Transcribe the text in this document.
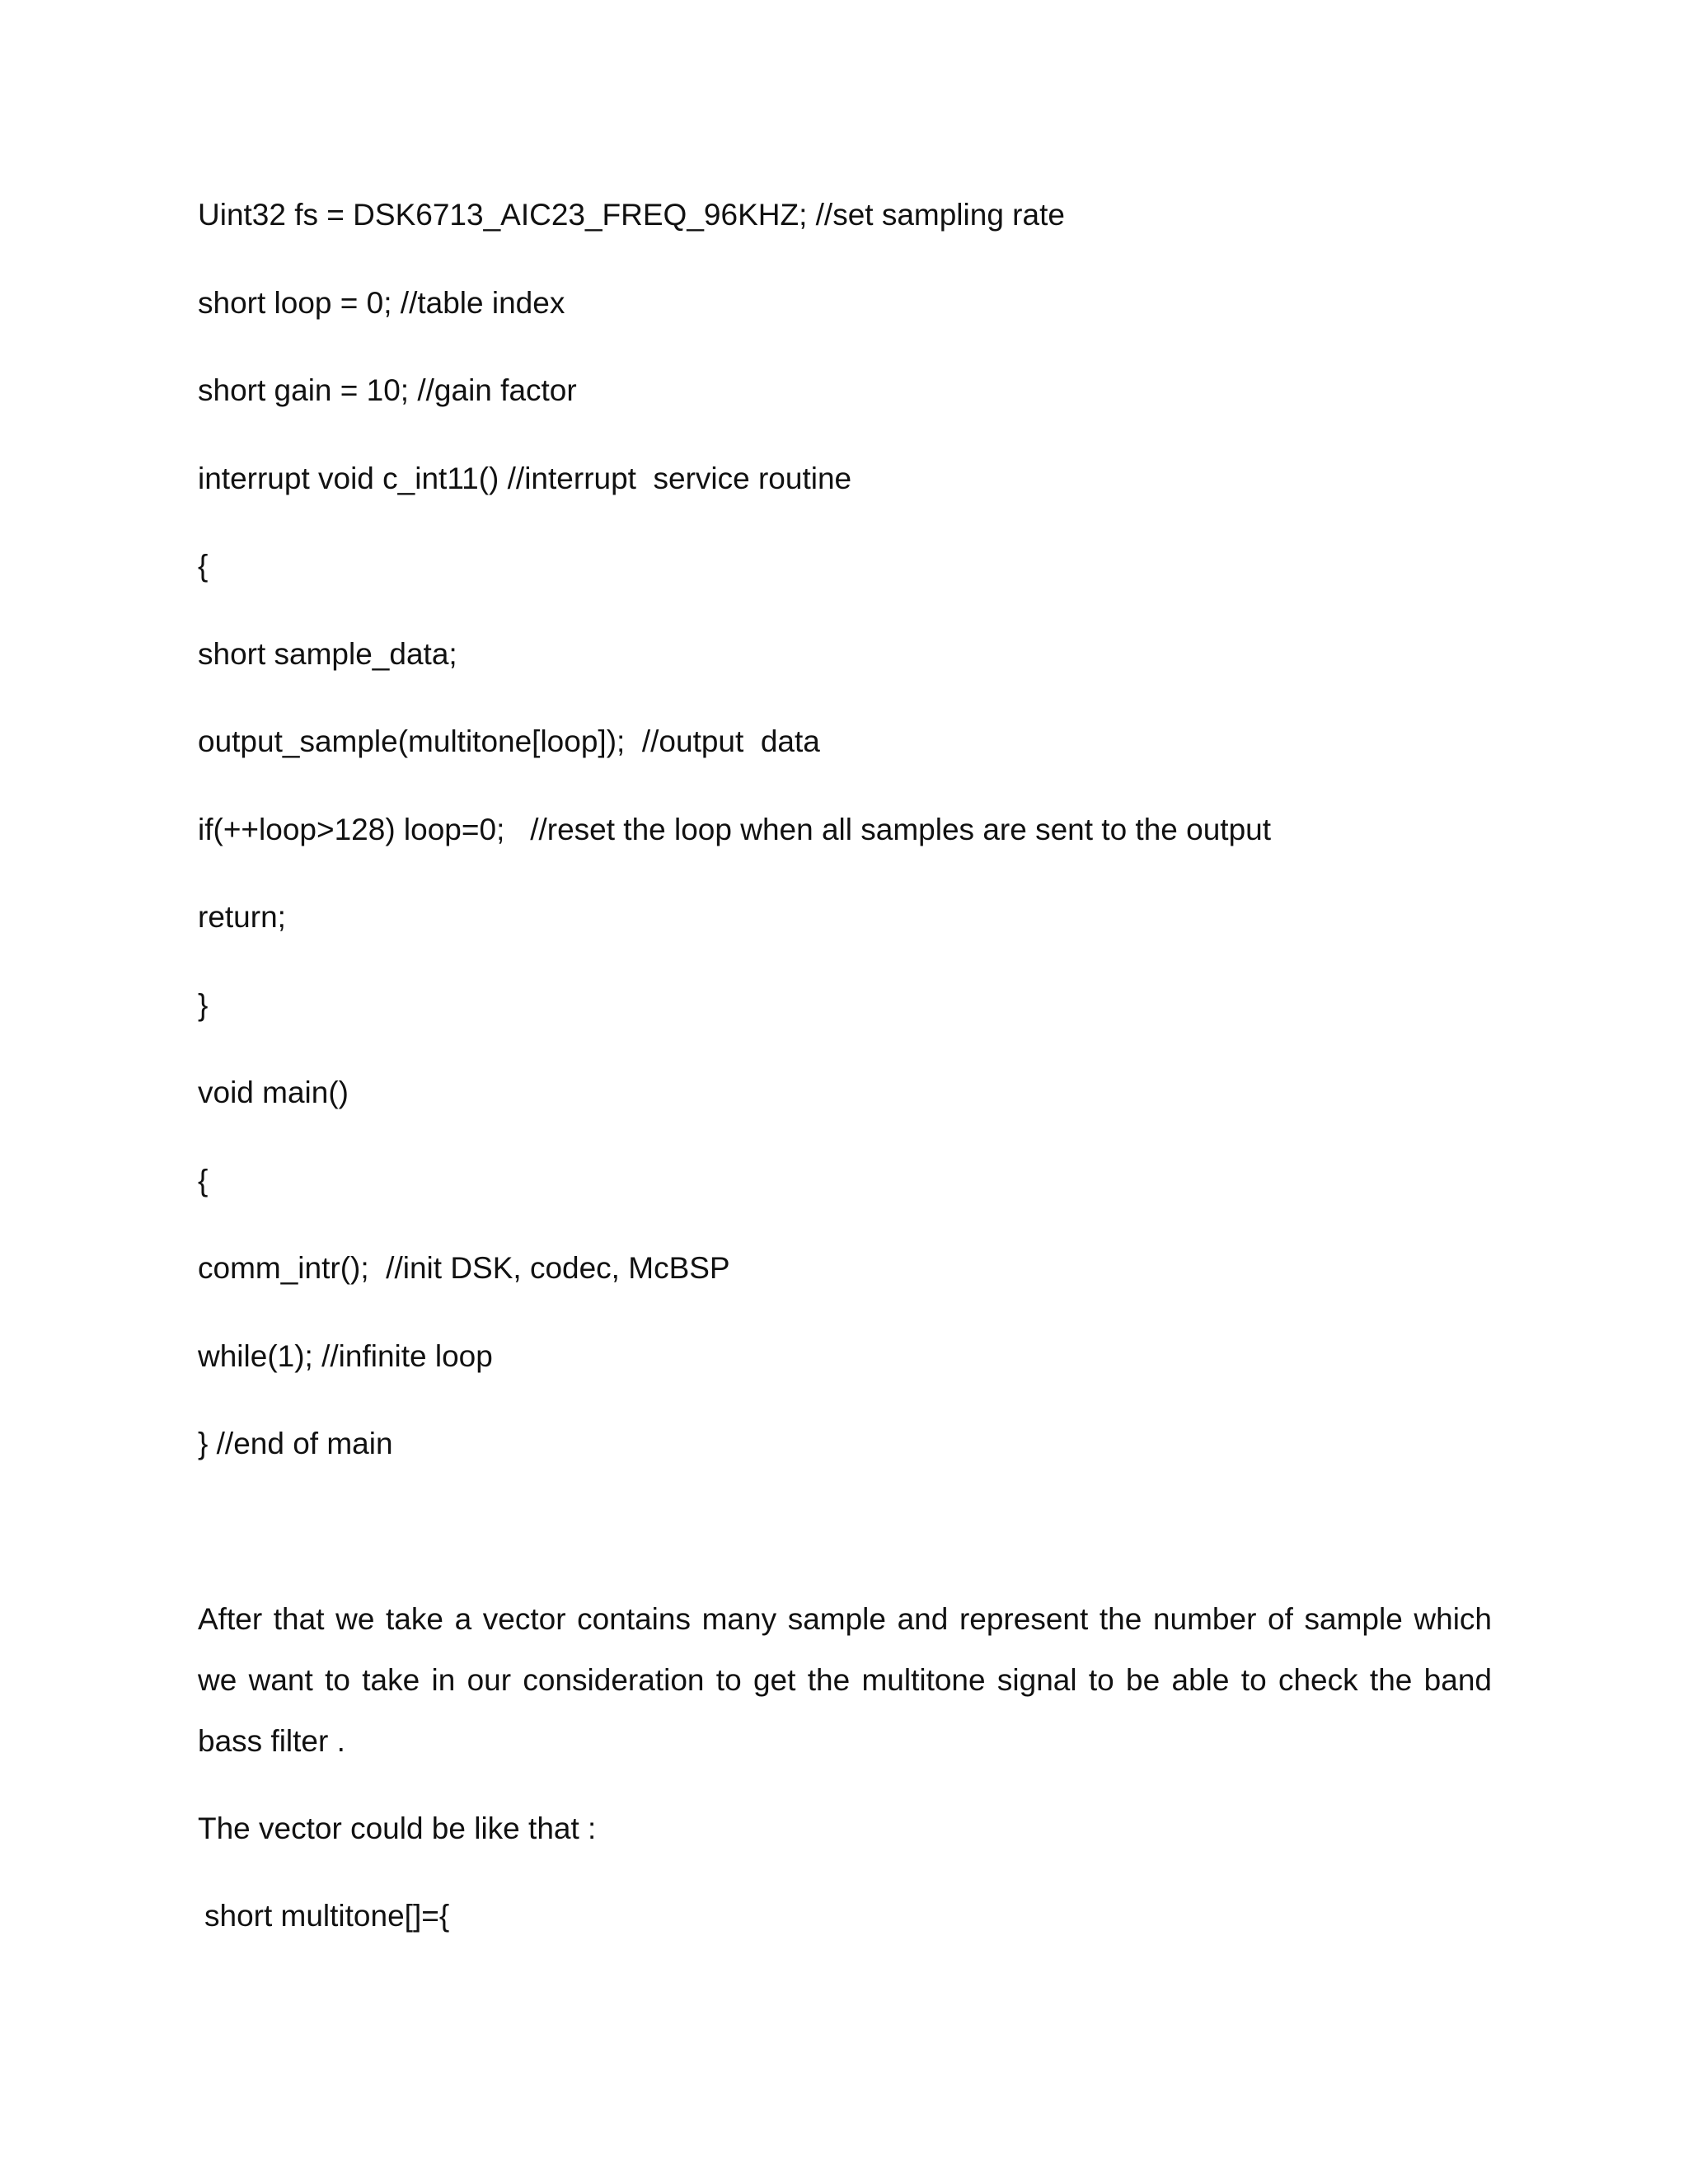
Uint32 fs = DSK6713_AIC23_FREQ_96KHZ; //set sampling rate
short loop = 0; //table index
short gain = 10; //gain factor
interrupt void c_int11() //interrupt  service routine
{
short sample_data;
output_sample(multitone[loop]);  //output  data
if(++loop>128) loop=0;   //reset the loop when all samples are sent to the output
return;
}
void main()
{
comm_intr();  //init DSK, codec, McBSP
while(1); //infinite loop
} //end of main
After that we take a vector contains many sample and represent the number of sample which we want to take in our consideration to get the multitone signal to be able to check the band bass filter .
The vector could be like that :
short multitone[]={
